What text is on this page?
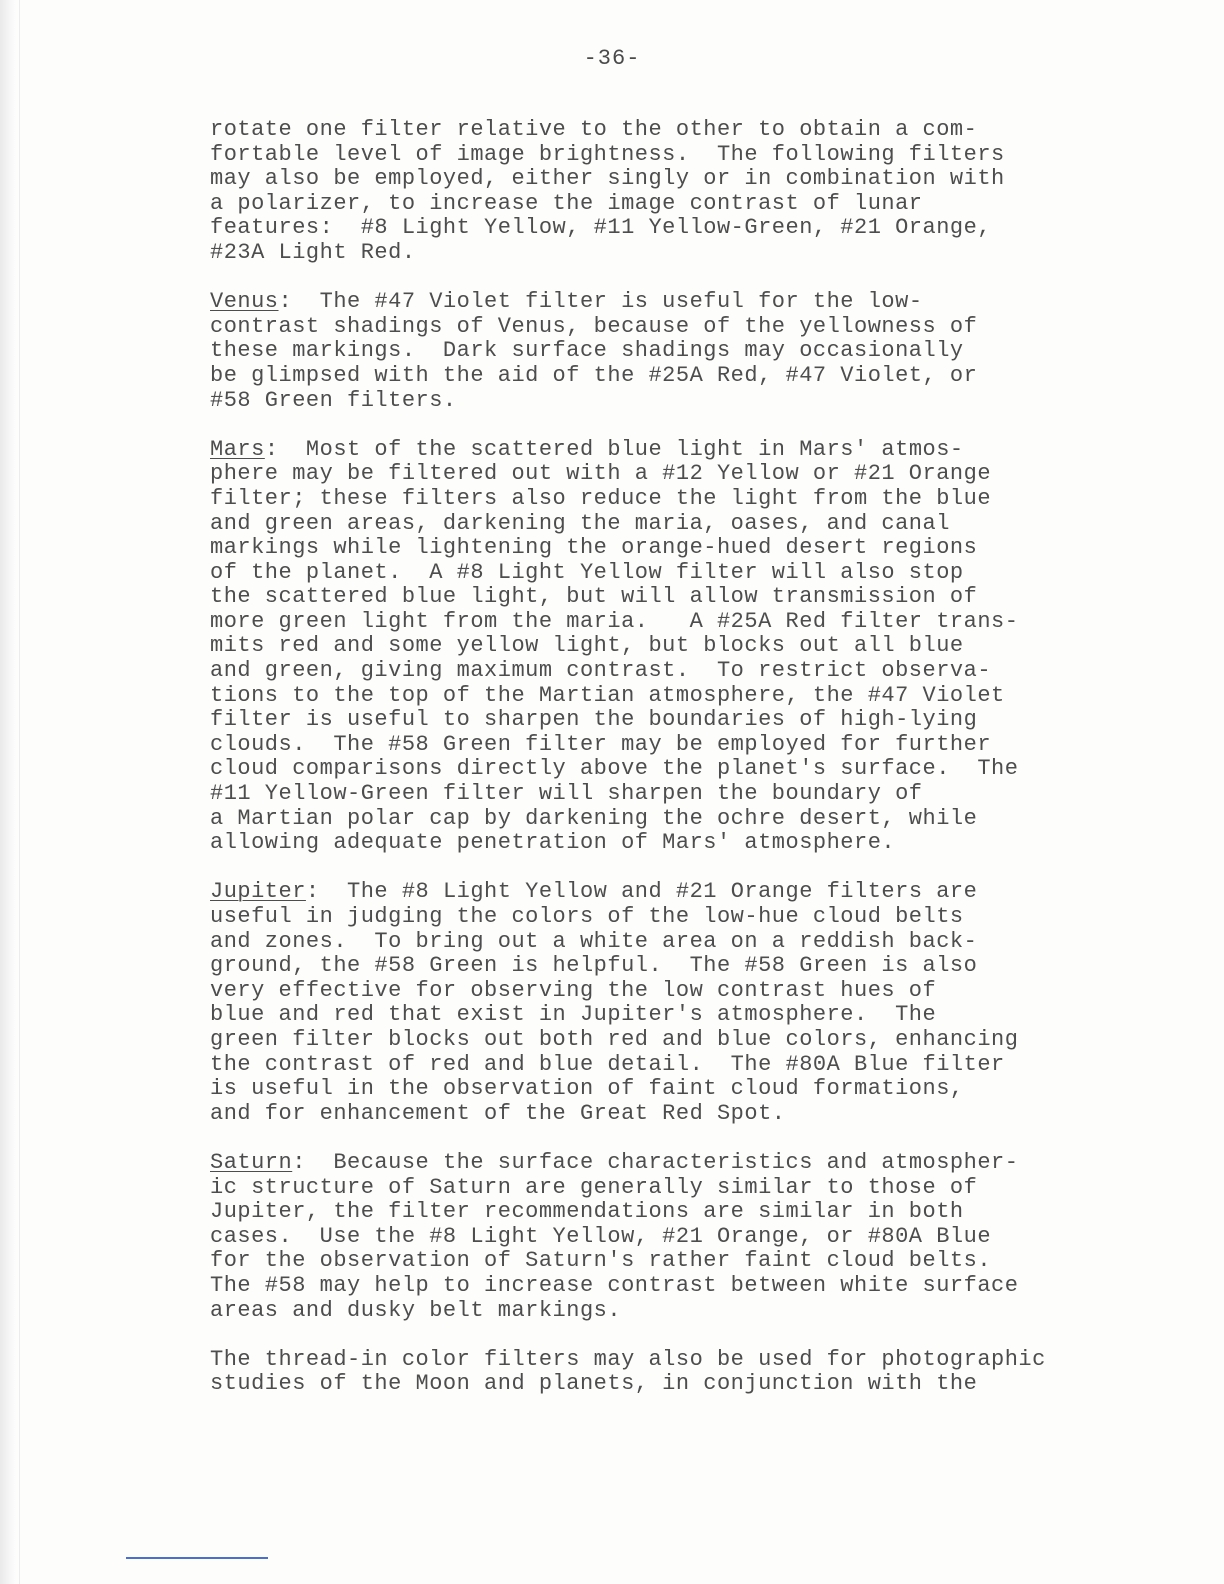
-36-
rotate one filter relative to the other to obtain a com-
fortable level of image brightness.  The following filters
may also be employed, either singly or in combination with
a polarizer, to increase the image contrast of lunar
features:  #8 Light Yellow, #11 Yellow-Green, #21 Orange,
#23A Light Red.
Venus:  The #47 Violet filter is useful for the low-
contrast shadings of Venus, because of the yellowness of
these markings.  Dark surface shadings may occasionally
be glimpsed with the aid of the #25A Red, #47 Violet, or
#58 Green filters.
Mars:  Most of the scattered blue light in Mars' atmos-
phere may be filtered out with a #12 Yellow or #21 Orange
filter; these filters also reduce the light from the blue
and green areas, darkening the maria, oases, and canal
markings while lightening the orange-hued desert regions
of the planet.  A #8 Light Yellow filter will also stop
the scattered blue light, but will allow transmission of
more green light from the maria.   A #25A Red filter trans-
mits red and some yellow light, but blocks out all blue
and green, giving maximum contrast.  To restrict observa-
tions to the top of the Martian atmosphere, the #47 Violet
filter is useful to sharpen the boundaries of high-lying
clouds.  The #58 Green filter may be employed for further
cloud comparisons directly above the planet's surface.  The
#11 Yellow-Green filter will sharpen the boundary of
a Martian polar cap by darkening the ochre desert, while
allowing adequate penetration of Mars' atmosphere.
Jupiter:  The #8 Light Yellow and #21 Orange filters are
useful in judging the colors of the low-hue cloud belts
and zones.  To bring out a white area on a reddish back-
ground, the #58 Green is helpful.  The #58 Green is also
very effective for observing the low contrast hues of
blue and red that exist in Jupiter's atmosphere.  The
green filter blocks out both red and blue colors, enhancing
the contrast of red and blue detail.  The #80A Blue filter
is useful in the observation of faint cloud formations,
and for enhancement of the Great Red Spot.
Saturn:  Because the surface characteristics and atmospher-
ic structure of Saturn are generally similar to those of
Jupiter, the filter recommendations are similar in both
cases.  Use the #8 Light Yellow, #21 Orange, or #80A Blue
for the observation of Saturn's rather faint cloud belts.
The #58 may help to increase contrast between white surface
areas and dusky belt markings.
The thread-in color filters may also be used for photographic
studies of the Moon and planets, in conjunction with the
